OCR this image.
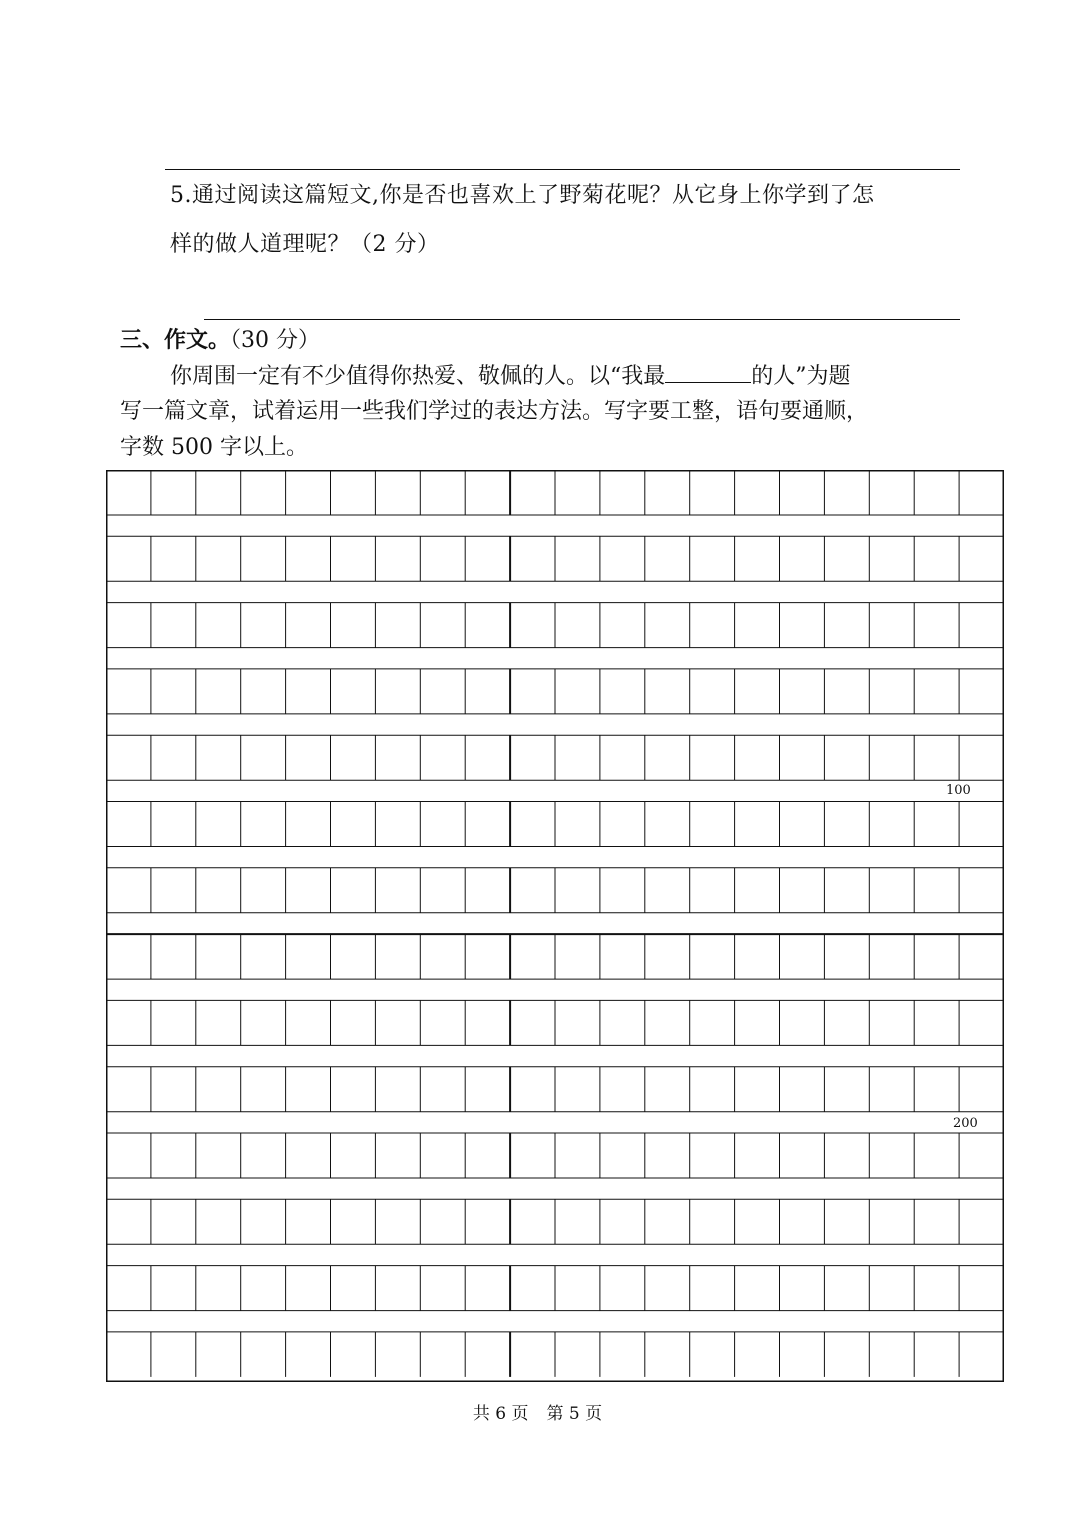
5.通过阅读这篇短文,你是否也喜欢上了野菊花呢？从它身上你学到了怎
样的做人道理呢？（2 分）
三、作文。（30 分）
你周围一定有不少值得你热爱、敬佩的人。以“我最	的人”为题
写一篇文章，试着运用一些我们学过的表达方法。写字要工整，语句要通顺，
字数 500 字以上。
100
200
共 6 页 第 5 页
